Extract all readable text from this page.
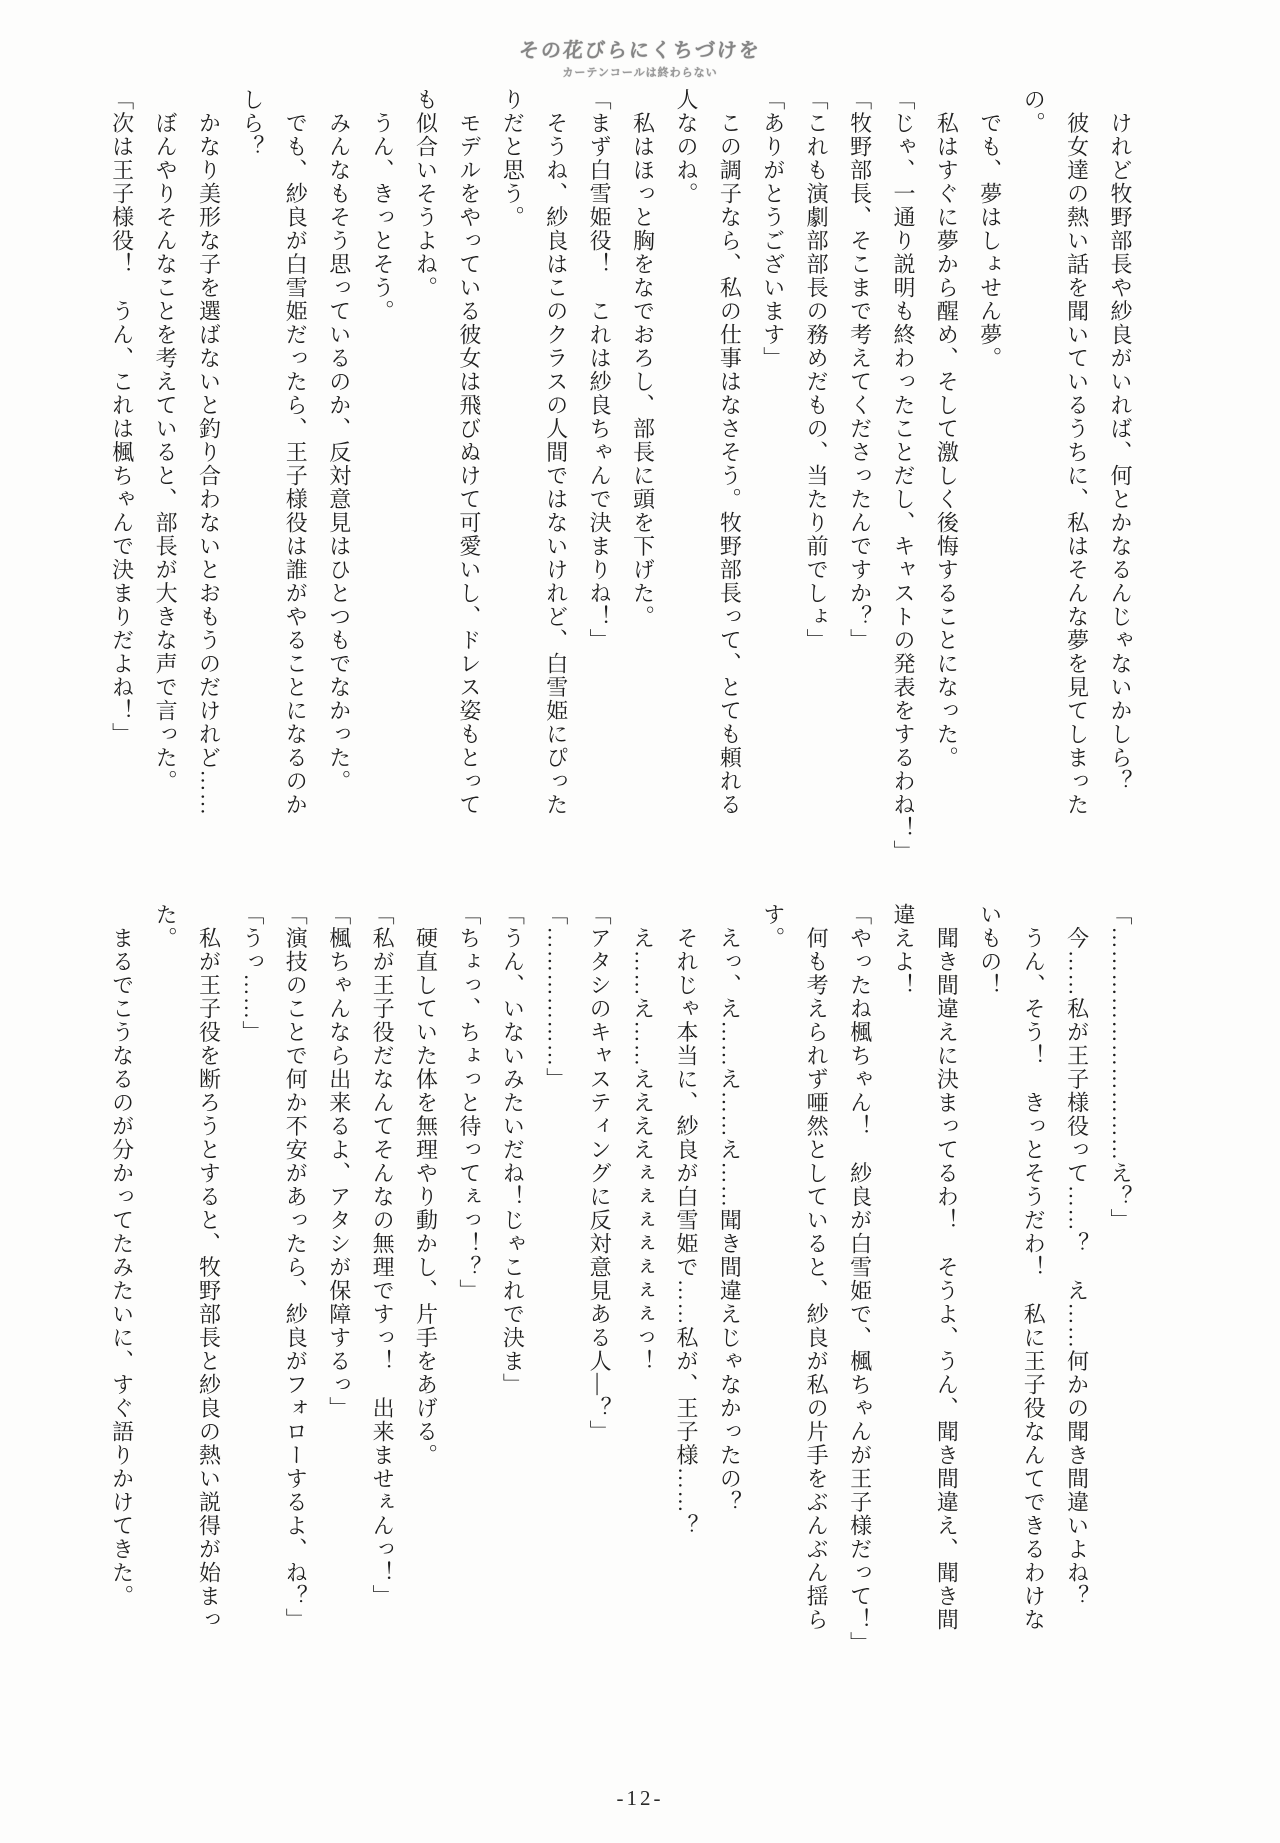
その花びらにくちづけを
カーテンコールは終わらない

　けれど牧野部長や紗良がいれば、何とかなるんじゃないかしら？

　彼女達の熱い話を聞いているうちに、私はそんな夢を見てしまった

の。

　でも、夢はしょせん夢。

　私はすぐに夢から醒め、そして激しく後悔することになった。

「じゃ、一通り説明も終わったことだし、キャストの発表をするわね！」

「牧野部長、そこまで考えてくださったんですか？」

「これも演劇部部長の務めだもの、当たり前でしょ」

「ありがとうございます」

　この調子なら、私の仕事はなさそう。牧野部長って、とても頼れる

人なのね。

　私はほっと胸をなでおろし、部長に頭を下げた。

「まず白雪姫役！　これは紗良ちゃんで決まりね！」

　そうね、紗良はこのクラスの人間ではないけれど、白雪姫にぴった

りだと思う。

　モデルをやっている彼女は飛びぬけて可愛いし、ドレス姿もとって

も似合いそうよね。

　うん、きっとそう。

　みんなもそう思っているのか、反対意見はひとつもでなかった。

　でも、紗良が白雪姫だったら、王子様役は誰がやることになるのか

しら？

　かなり美形な子を選ばないと釣り合わないとおもうのだけれど……

　ぼんやりそんなことを考えていると、部長が大きな声で言った。

「次は王子様役！　うん、これは楓ちゃんで決まりだよね！」

「…………………………え？」

　今……私が王子様役って……？　え……何かの聞き間違いよね？

　うん、そう！　きっとそうだわ！　私に王子役なんてできるわけな

いもの！

　聞き間違えに決まってるわ！　そうよ、うん、聞き間違え、聞き間

違えよ！

「やったね楓ちゃん！　紗良が白雪姫で、楓ちゃんが王子様だって！」

　何も考えられず唖然としていると、紗良が私の片手をぶんぶん揺ら

す。

　えっ、え……え……え……聞き間違えじゃなかったの？

　それじゃ本当に、紗良が白雪姫で……私が、王子様……？

　え……え……ええええぇぇぇぇぇぇぇっ！

「アタシのキャスティングに反対意見ある人―？」

「………………」

「うん、いないみたいだね！じゃこれで決ま」

「ちょっ、ちょっと待ってぇっ！？」

　硬直していた体を無理やり動かし、片手をあげる。

「私が王子役だなんてそんなの無理ですっ！　出来ませぇんっ！」

「楓ちゃんなら出来るよ、アタシが保障するっ」

「演技のことで何か不安があったら、紗良がフォローするよ、ね？」

「うっ……」

　私が王子役を断ろうとすると、牧野部長と紗良の熱い説得が始まっ

た。

　まるでこうなるのが分かってたみたいに、すぐ語りかけてきた。

-12-
